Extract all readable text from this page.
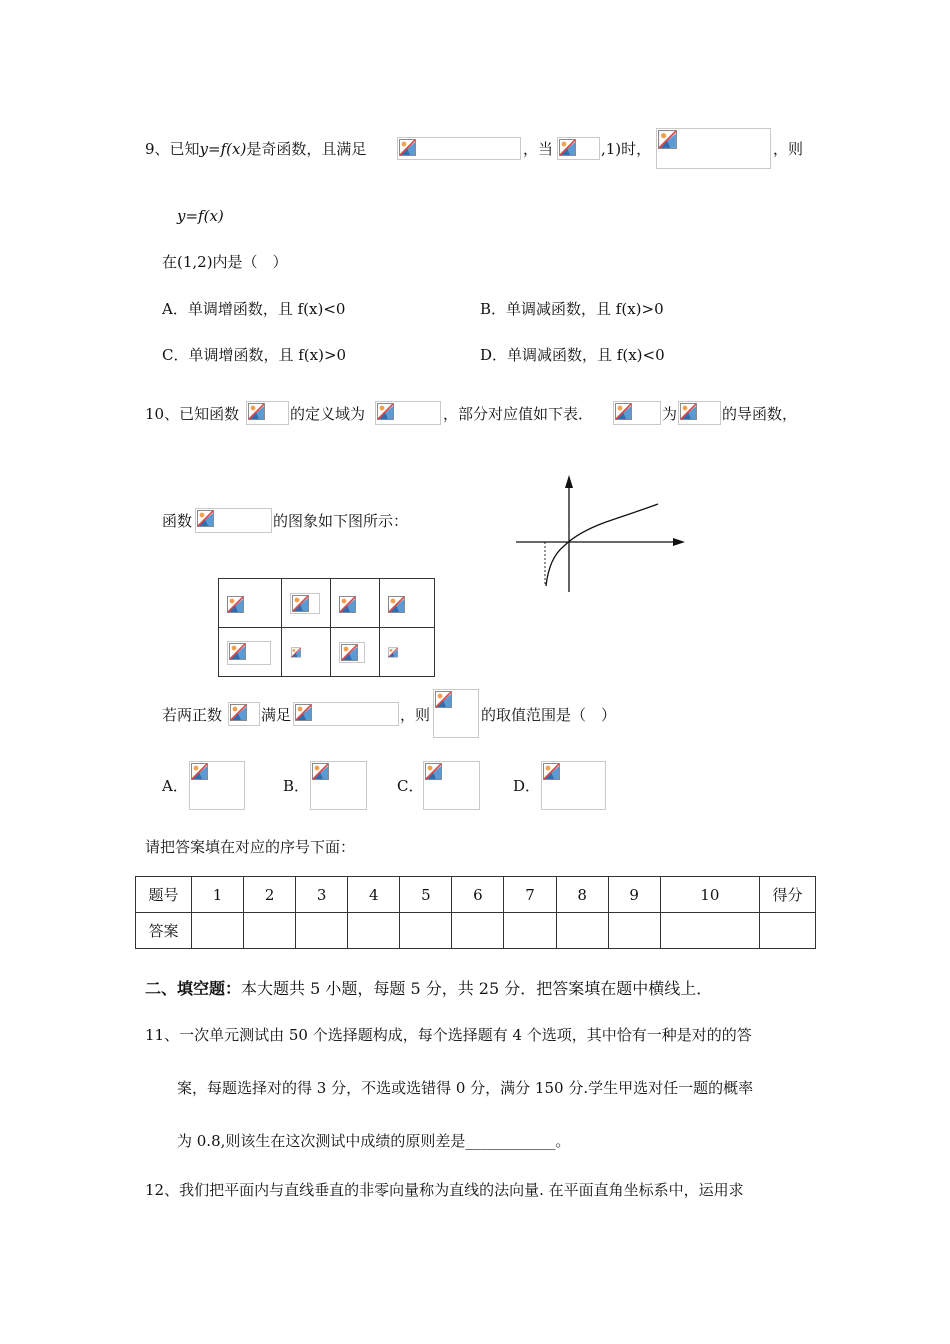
9、已知y=f(x)是奇函数，且满足	，当	,1)时，	，则
y=f(x)
在(1,2)内是（　）
A．单调增函数，且 f(x)<0	B．单调减函数，且 f(x)>0
C．单调增函数，且 f(x)>0	D．单调减函数，且 f(x)<0
10、已知函数	的定义域为	，部分对应值如下表．	为	的导函数，
函数	的图象如下图所示：

若两正数	满足	，则	的取值范围是（　）
A．	B．	C．	D．
请把答案填在对应的序号下面：
题号	1	2	3	4	5	6	7	8	9	10	得分
答案											
二、填空题：本大题共 5 小题，每题 5 分，共 25 分．把答案填在题中横线上．
11、一次单元测试由 50 个选择题构成，每个选择题有 4 个选项，其中恰有一种是对的的答
案，每题选择对的得 3 分，不选或选错得 0 分，满分 150 分.学生甲选对任一题的概率
为 0.8,则该生在这次测试中成绩的原则差是____________。
12、我们把平面内与直线垂直的非零向量称为直线的法向量. 在平面直角坐标系中，运用求
